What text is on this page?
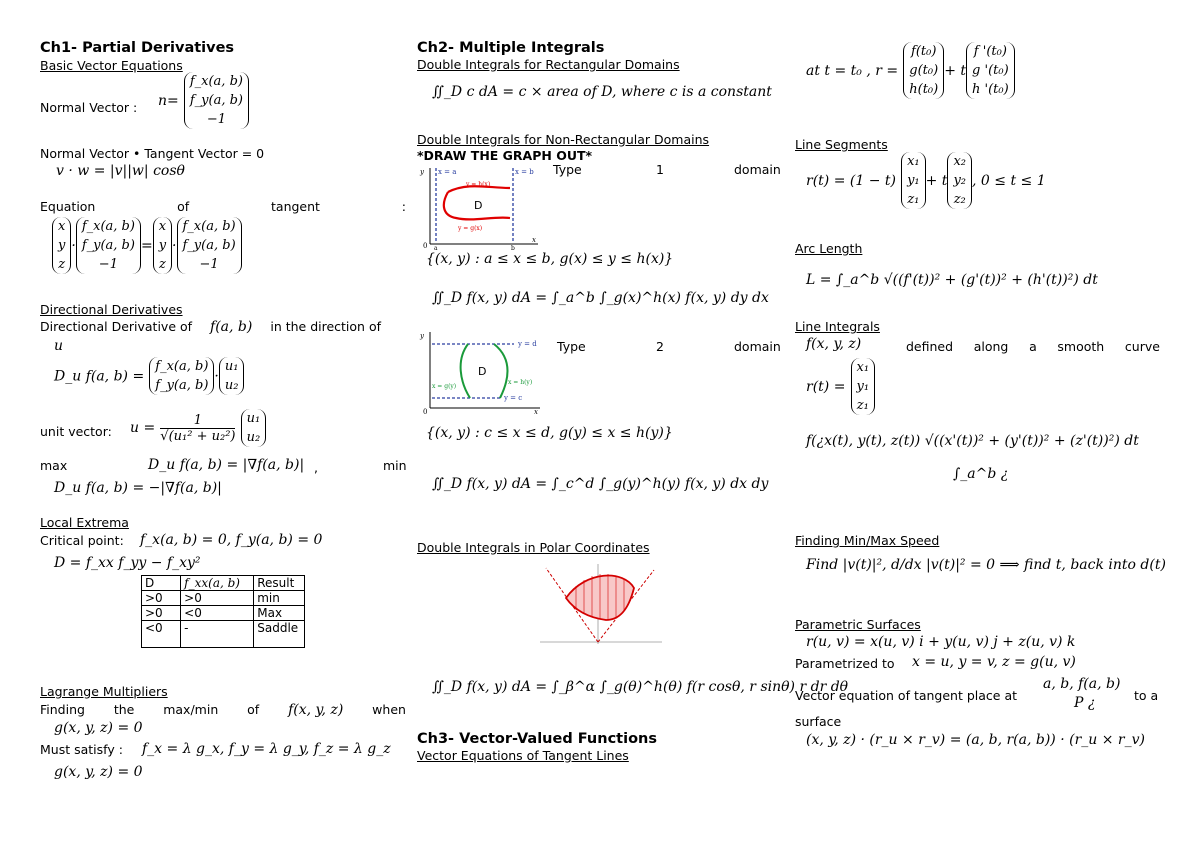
Ch1- Partial Derivatives
Basic Vector Equations
Normal Vector : n=
f_x(a, b)
f_y(a, b)
−1
Normal Vector • Tangent Vector = 0
v · w = |v||w| cosθ
Equation	of	tangent	:
x
y
z
·
f_x(a, b)
f_y(a, b)
−1
=
x
y
z
·
f_x(a, b)
f_y(a, b)
−1
Directional Derivatives
Directional Derivative of f(a, b) in the direction of
u
D_u f(a, b) =
f_x(a, b)
f_y(a, b)
·
u₁
u₂
unit vector: $u = \frac{1}{\text{√(u₁² + u₂²)}}$
u₁
u₂
max	D_u f(a, b) = |∇f(a, b)| ,	min
D_u f(a, b) = −|∇f(a, b)|
Local Extrema
Critical point: f_x(a, b) = 0, f_y(a, b) = 0
D = f_xx f_yy − f_xy²
D	f_xx(a, b)	Result
>0	>0	min
>0	<0	Max
<0	-	Saddle
Lagrange Multipliers
Finding the max/min of f(x, y, z) when
g(x, y, z) = 0
Must satisfy : f_x = λ g_x, f_y = λ g_y, f_z = λ g_z
g(x, y, z) = 0
Ch2- Multiple Integrals
Double Integrals for Rectangular Domains
∬_D c dA = c × area of D, where c is a constant
Double Integrals for Non-Rectangular Domains
*DRAW THE GRAPH OUT*
y x = a	x = b
y = h(x)
D
y = g(x)
0 a	b
x
Type	1	domain
{(x, y) : a ≤ x ≤ b, g(x) ≤ y ≤ h(x)}
∬_D f(x, y) dA = ∫_a^b ∫_g(x)^h(x) f(x, y) dy dx
y
y = d
D
x = g(y)
x = h(y)
y = c
0	x
Type	2	domain
{(x, y) : c ≤ x ≤ d, g(y) ≤ x ≤ h(y)}
∬_D f(x, y) dA = ∫_c^d ∫_g(y)^h(y) f(x, y) dx dy
Double Integrals in Polar Coordinates
∬_D f(x, y) dA = ∫_β^α ∫_g(θ)^h(θ) f(r cosθ, r sinθ) r dr dθ
Ch3- Vector-Valued Functions
Vector Equations of Tangent Lines
at t = t₀ , r =
f(t₀)
g(t₀)
h(t₀)
+ t
f '(t₀)
g '(t₀)
h '(t₀)
Line Segments
r(t) = (1 − t)
x₁
y₁
z₁
+ t
x₂
y₂
z₂
, 0 ≤ t ≤ 1
Arc Length
L = ∫_a^b √((f'(t))² + (g'(t))² + (h'(t))²) dt
Line Integrals
f(x, y, z)	defined along a smooth curve
r(t) =
x₁
y₁
z₁
f(¿x(t), y(t), z(t)) √((x'(t))² + (y'(t))² + (z'(t))²) dt
∫_a^b ¿
Finding Min/Max Speed
Find |v(t)|², d/dx |v(t)|² = 0 ⟹ find t, back into d(t)
Parametric Surfaces
r(u, v) = x(u, v) i + y(u, v) j + z(u, v) k
Parametrized to x = u, y = v, z = g(u, v)
Vector equation of tangent place at
a, b, f(a, b)
P ¿	to a
surface
(x, y, z) · (r_u × r_v) = (a, b, r(a, b)) · (r_u × r_v)
